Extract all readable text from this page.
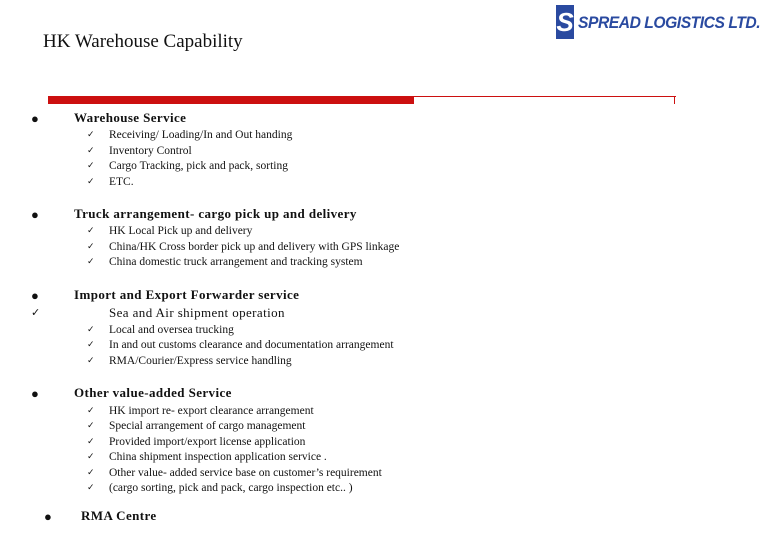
HK Warehouse Capability
S SPREAD LOGISTICS LTD.
●	Warehouse Service
✓ Receiving/ Loading/In and Out handing
✓ Inventory Control
✓ Cargo Tracking, pick and pack, sorting
✓ ETC.
●	Truck arrangement- cargo pick up and delivery
✓ HK Local Pick up and delivery
✓ China/HK Cross border pick up and delivery with GPS linkage
✓ China domestic truck arrangement and tracking system
●	Import and Export Forwarder service
✓	Sea and Air shipment operation
✓ Local and oversea trucking
✓ In and out customs clearance and documentation arrangement
✓ RMA/Courier/Express service handling
●	Other value-added Service
✓ HK import re- export clearance arrangement
✓ Special arrangement of cargo management
✓ Provided import/export license application
✓ China shipment inspection application service .
✓ Other value- added service base on customer’s requirement
✓ (cargo sorting, pick and pack, cargo inspection etc.. )
● RMA Centre
